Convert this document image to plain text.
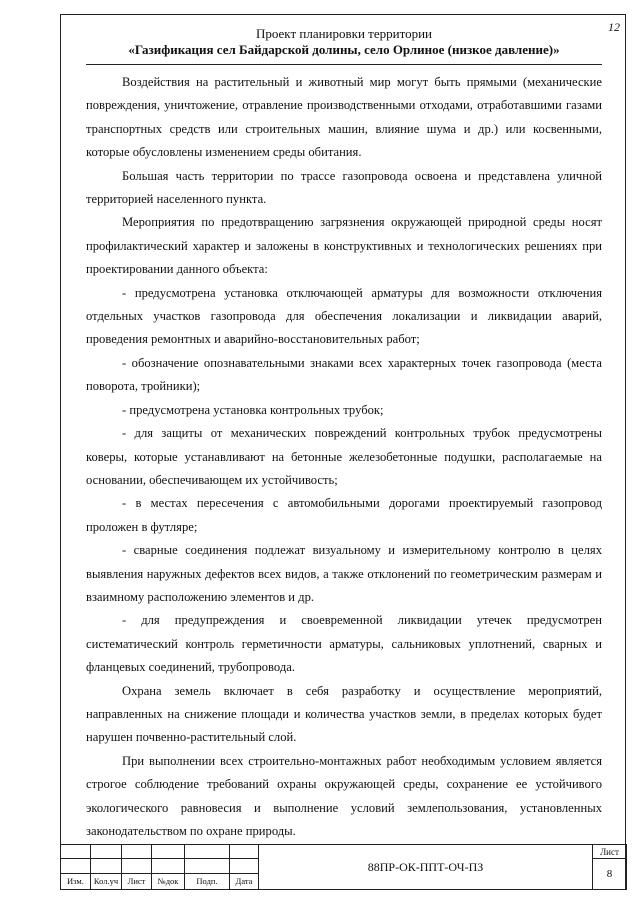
12
Проект планировки территории
«Газификация сел Байдарской долины, село Орлиное (низкое давление)»

Воздействия на растительный и животный мир могут быть прямыми (механические повреждения, уничтожение, отравление производственными отходами, отработавшими газами транспортных средств или строительных машин, влияние шума и др.) или косвенными, которые обусловлены изменением среды обитания.

Большая часть территории по трассе газопровода освоена и представлена уличной территорией населенного пункта.

Мероприятия по предотвращению загрязнения окружающей природной среды носят профилактический характер и заложены в конструктивных и технологических решениях при проектировании данного объекта:

- предусмотрена установка отключающей арматуры для возможности отключения отдельных участков газопровода для обеспечения локализации и ликвидации аварий, проведения ремонтных и аварийно-восстановительных работ;

- обозначение опознавательными знаками всех характерных точек газопровода (места поворота, тройники);

- предусмотрена установка контрольных трубок;

- для защиты от механических повреждений контрольных трубок предусмотрены коверы, которые устанавливают на бетонные железобетонные подушки, располагаемые на основании, обеспечивающем их устойчивость;

- в местах пересечения с автомобильными дорогами проектируемый газопровод проложен в футляре;

- сварные соединения подлежат визуальному и измерительному контролю в целях выявления наружных дефектов всех видов, а также отклонений по геометрическим размерам и взаимному расположению элементов и др.

- для предупреждения и своевременной ликвидации утечек предусмотрен систематический контроль герметичности арматуры, сальниковых уплотнений, сварных и фланцевых соединений, трубопровода.

Охрана земель включает в себя разработку и осуществление мероприятий, направленных на снижение площади и количества участков земли, в пределах которых будет нарушен почвенно-растительный слой.

При выполнении всех строительно-монтажных работ необходимым условием является строгое соблюдение требований охраны окружающей среды, сохранение ее устойчивого экологического равновесия и выполнение условий землепользования, установленных законодательством по охране природы.

						88ПР-ОК-ППТ-ОЧ-ПЗ	Лист
							8
Изм.	Кол.уч	Лист	№док	Подп.	Дата		
